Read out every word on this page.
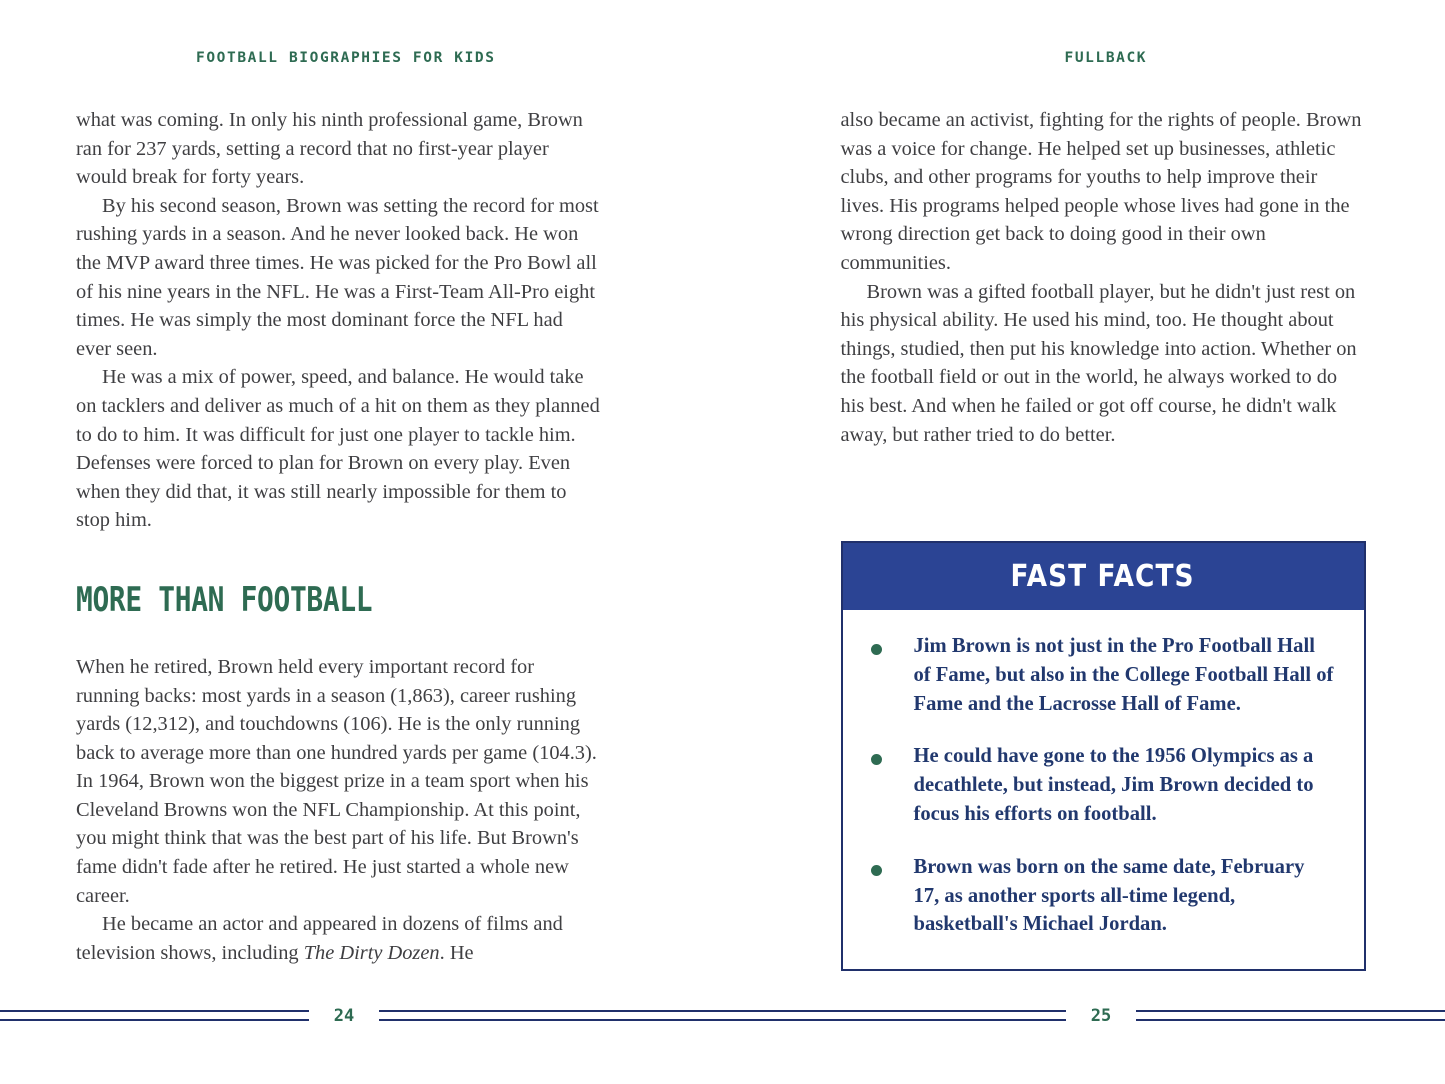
FOOTBALL BIOGRAPHIES FOR KIDS

what was coming. In only his ninth professional game, Brown ran for 237 yards, setting a record that no first-year player would break for forty years.

By his second season, Brown was setting the record for most rushing yards in a season. And he never looked back. He won the MVP award three times. He was picked for the Pro Bowl all of his nine years in the NFL. He was a First-Team All-Pro eight times. He was simply the most dominant force the NFL had ever seen.

He was a mix of power, speed, and balance. He would take on tacklers and deliver as much of a hit on them as they planned to do to him. It was difficult for just one player to tackle him. Defenses were forced to plan for Brown on every play. Even when they did that, it was still nearly impossible for them to stop him.

MORE THAN FOOTBALL

When he retired, Brown held every important record for running backs: most yards in a season (1,863), career rushing yards (12,312), and touchdowns (106). He is the only running back to average more than one hundred yards per game (104.3). In 1964, Brown won the biggest prize in a team sport when his Cleveland Browns won the NFL Championship. At this point, you might think that was the best part of his life. But Brown's fame didn't fade after he retired. He just started a whole new career.

He became an actor and appeared in dozens of films and television shows, including The Dirty Dozen. He

24
FULLBACK

also became an activist, fighting for the rights of people. Brown was a voice for change. He helped set up businesses, athletic clubs, and other programs for youths to help improve their lives. His programs helped people whose lives had gone in the wrong direction get back to doing good in their own communities.

Brown was a gifted football player, but he didn't just rest on his physical ability. He used his mind, too. He thought about things, studied, then put his knowledge into action. Whether on the football field or out in the world, he always worked to do his best. And when he failed or got off course, he didn't walk away, but rather tried to do better.

FAST FACTS
Jim Brown is not just in the Pro Football Hall of Fame, but also in the College Football Hall of Fame and the Lacrosse Hall of Fame.
He could have gone to the 1956 Olympics as a decathlete, but instead, Jim Brown decided to focus his efforts on football.
Brown was born on the same date, February 17, as another sports all-time legend, basketball's Michael Jordan.
25
